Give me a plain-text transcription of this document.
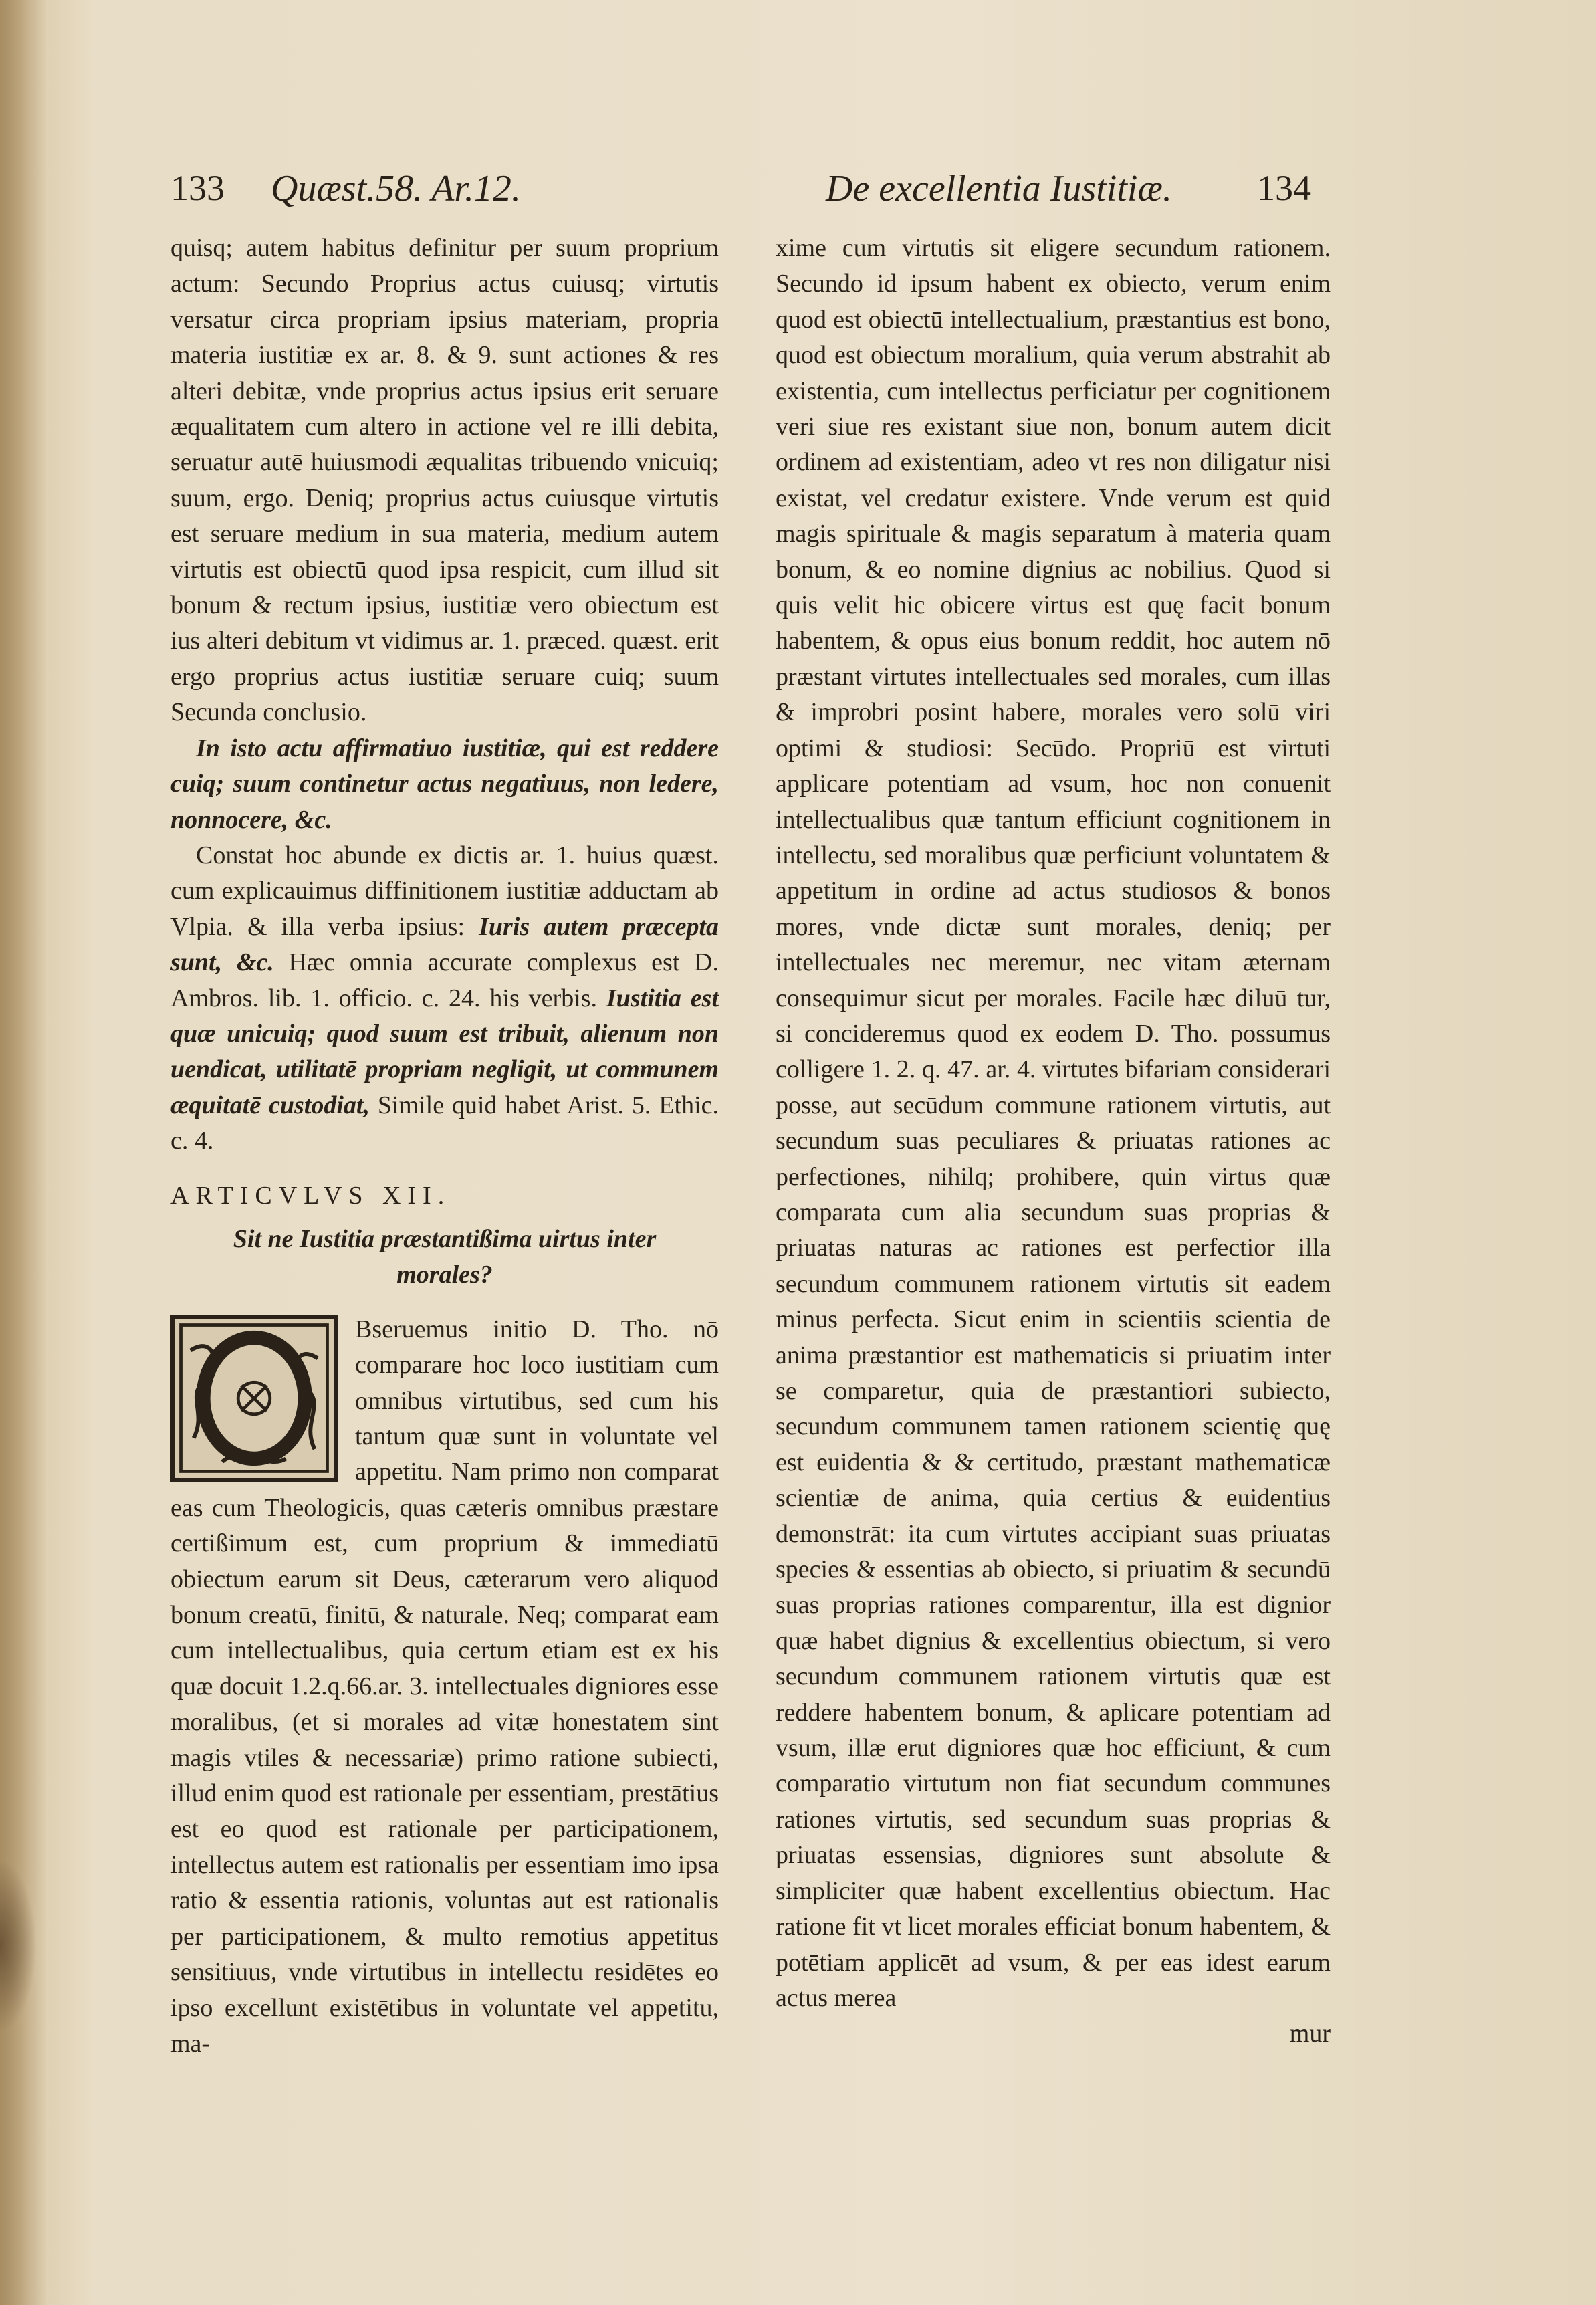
133 Quæst.58. Ar.12.	De excellentia Iustitiæ. 134

quisq; autem habitus definitur per suum proprium actum: Secundo Proprius actus cuiusq; virtutis versatur circa propriam ipsius materiam, propria materia iustitiæ ex ar. 8. & 9. sunt actiones & res alteri debitæ, vnde proprius actus ipsius erit seruare æqualitatem cum altero in actione vel re illi debita, seruatur autē huiusmodi æqualitas tribuendo vnicuiq; suum, ergo. Deniq; proprius actus cuiusque virtutis est seruare medium in sua materia, medium autem virtutis est obiectū quod ipsa respicit, cum illud sit bonum & rectum ipsius, iustitiæ vero obiectum est ius alteri debitum vt vidimus ar. 1. præced. quæst. erit ergo proprius actus iustitiæ seruare cuiq; suum Secunda conclusio.

In isto actu affirmatiuo iustitiæ, qui est reddere cuiq; suum continetur actus negatiuus, non ledere, nonnocere, &c.

Constat hoc abunde ex dictis ar. 1. huius quæst. cum explicauimus diffinitionem iustitiæ adductam ab Vlpia. & illa verba ipsius: Iuris autem præcepta sunt, &c. Hæc omnia accurate complexus est D. Ambros. lib. 1. officio. c. 24. his verbis. Iustitia est quæ unicuiq; quod suum est tribuit, alienum non uendicat, utilitatē propriam negligit, ut communem æquitatē custodiat, Simile quid habet Arist. 5. Ethic. c. 4.

ARTICVLVS XII.

Sit ne Iustitia præstantißima uirtus inter morales?

Bseruemus initio D. Tho. nō comparare hoc loco iustitiam cum omnibus virtutibus, sed cum his tantum quæ sunt in voluntate vel appetitu. Nam primo non comparat eas cum Theologicis, quas cæteris omnibus præstare certißimum est, cum proprium & immediatū obiectum earum sit Deus, cæterarum vero aliquod bonum creatū, finitū, & naturale. Neq; comparat eam cum intellectualibus, quia certum etiam est ex his quæ docuit 1.2.q.66.ar. 3. intellectuales digniores esse moralibus, (et si morales ad vitæ honestatem sint magis vtiles & necessariæ) primo ratione subiecti, illud enim quod est rationale per essentiam, prestātius est eo quod est rationale per participationem, intellectus autem est rationalis per essentiam imo ipsa ratio & essentia rationis, voluntas aut est rationalis per participationem, & multo remotius appetitus sensitiuus, vnde virtutibus in intellectu residētes eo ipso excellunt existētibus in voluntate vel appetitu, ma-

xime cum virtutis sit eligere secundum rationem. Secundo id ipsum habent ex obiecto, verum enim quod est obiectū intellectualium, præstantius est bono, quod est obiectum moralium, quia verum abstrahit ab existentia, cum intellectus perficiatur per cognitionem veri siue res existant siue non, bonum autem dicit ordinem ad existentiam, adeo vt res non diligatur nisi existat, vel credatur existere. Vnde verum est quid magis spirituale & magis separatum à materia quam bonum, & eo nomine dignius ac nobilius. Quod si quis velit hic obicere virtus est quę facit bonum habentem, & opus eius bonum reddit, hoc autem nō præstant virtutes intellectuales sed morales, cum illas & improbri posint habere, morales vero solū viri optimi & studiosi: Secūdo. Propriū est virtuti applicare potentiam ad vsum, hoc non conuenit intellectualibus quæ tantum efficiunt cognitionem in intellectu, sed moralibus quæ perficiunt voluntatem & appetitum in ordine ad actus studiosos & bonos mores, vnde dictæ sunt morales, deniq; per intellectuales nec meremur, nec vitam æternam consequimur sicut per morales. Facile hæc diluū tur, si concideremus quod ex eodem D. Tho. possumus colligere 1. 2. q. 47. ar. 4. virtutes bifariam considerari posse, aut secūdum commune rationem virtutis, aut secundum suas peculiares & priuatas rationes ac perfectiones, nihilq; prohibere, quin virtus quæ comparata cum alia secundum suas proprias & priuatas naturas ac rationes est perfectior illa secundum communem rationem virtutis sit eadem minus perfecta. Sicut enim in scientiis scientia de anima præstantior est mathematicis si priuatim inter se comparetur, quia de præstantiori subiecto, secundum communem tamen rationem scientię quę est euidentia & & certitudo, præstant mathematicæ scientiæ de anima, quia certius & euidentius demonstrāt: ita cum virtutes accipiant suas priuatas species & essentias ab obiecto, si priuatim & secundū suas proprias rationes comparentur, illa est dignior quæ habet dignius & excellentius obiectum, si vero secundum communem rationem virtutis quæ est reddere habentem bonum, & aplicare potentiam ad vsum, illæ erut digniores quæ hoc efficiunt, & cum comparatio virtutum non fiat secundum communes rationes virtutis, sed secundum suas proprias & priuatas essensias, digniores sunt absolute & simpliciter quæ habent excellentius obiectum. Hac ratione fit vt licet morales efficiat bonum habentem, & potētiam applicēt ad vsum, & per eas idest earum actus merea

mur
